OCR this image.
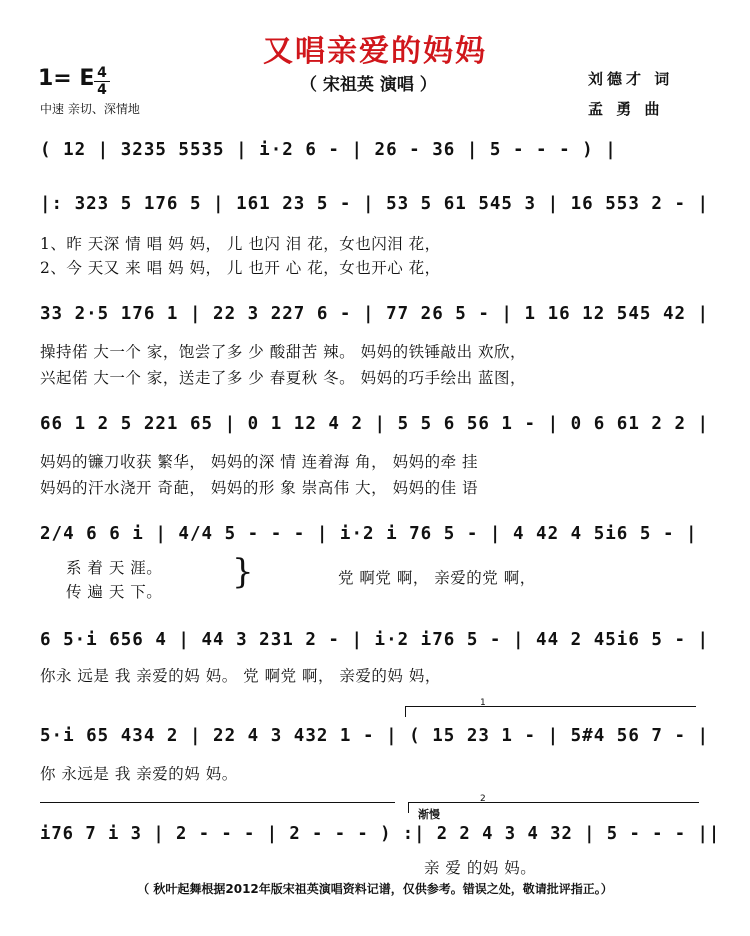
又唱亲爱的妈妈
（ 宋祖英 演唱 ）
1= E 4
4
中速 亲切、深情地
刘德才 词
孟 勇 曲
( 12 | 3235 5535 | i·2 6 - | 26 - 36 | 5 - - - ) |
|: 323 5 176 5 | 161 23 5 - | 53 5 61 545 3 | 16 553 2 - |
1、昨 天深 情 唱 妈 妈， 儿 也闪 泪 花，女也闪泪 花，
2、今 天又 来 唱 妈 妈， 儿 也开 心 花，女也开心 花，
33 2·5 176 1 | 22 3 227 6 - | 77 26 5 - | 1 16 12 545 42 |
操持偌 大一个 家，饱尝了多 少 酸甜苦 辣。 妈妈的铁锤敲出 欢欣，
兴起偌 大一个 家，送走了多 少 春夏秋 冬。 妈妈的巧手绘出 蓝图，
66 1 2 5 221 65 | 0 1 12 4 2 | 5 5 6 56 1 - | 0 6 61 2 2 |
妈妈的镰刀收获 繁华， 妈妈的深 情 连着海 角， 妈妈的牵 挂
妈妈的汗水浇开 奇葩， 妈妈的形 象 崇高伟 大， 妈妈的佳 语
2/4 6 6 i | 4/4 5 - - - | i·2 i 76 5 - | 4 42 4 5i6 5 - |
系 着 天 涯。
传 遍 天 下。 }	党 啊党 啊， 亲爱的党 啊，
6 5·i 656 4 | 44 3 231 2 - | i·2 i76 5 - | 44 2 45i6 5 - |
你永 远是 我 亲爱的妈 妈。 党 啊党 啊， 亲爱的妈 妈，
1
5·i 65 434 2 | 22 4 3 432 1 - | ( 15 23 1 - | 5#4 56 7 - |
你 永远是 我 亲爱的妈 妈。
2
渐慢
i76 7 i 3 | 2 - - - | 2 - - - ) :| 2 2 4 3 4 32 | 5 - - - ||
亲 爱 的妈 妈。
（ 秋叶起舞根据2012年版宋祖英演唱资料记谱，仅供参考。错误之处，敬请批评指正。）
